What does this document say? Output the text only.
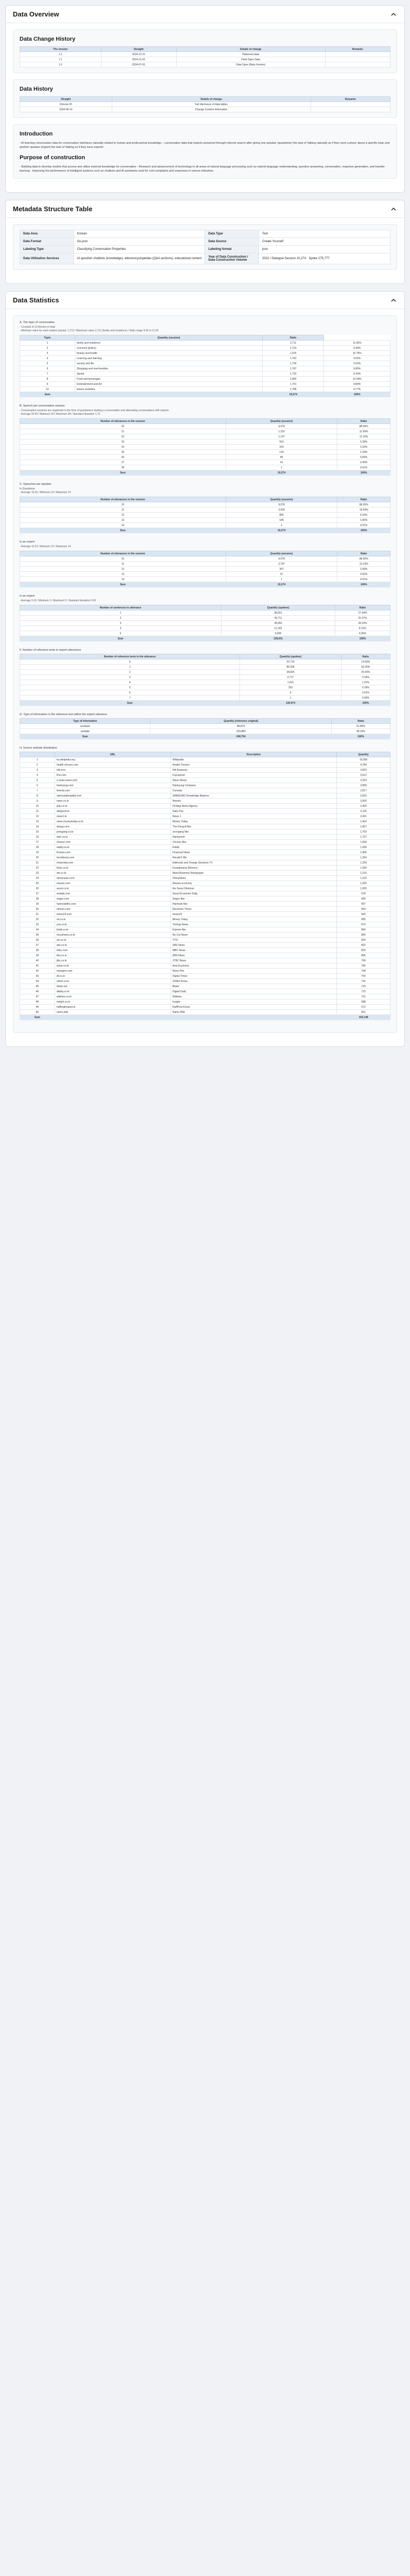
Data Overview
Data Change History
The version	Straight	Details of change	Remarks
1.2	2024-12-21	Patterned data	
1.1	2024-11-02	Final Open Data	
1.0	2024-07-01	Data Open (Beta Version)	
Data History
Straight	Details of change	Remarks
Division ID	Full disclosure of data tables	
2024-06-14	Change Content Information	
Introduction

- AI learning conversation data for conversation interfaces naturally related to human and professional knowledge – conversation data that experts answered through Internet search after giving one speaker (questioner) the task of 'talking naturally as if they were curious' about a specific topic and another speaker (expert) the task of 'talking as if they were experts'.

Purpose of construction

- Building data to develop models that access and utilize external knowledge for conversation - Research and advancement of technology in all areas of natural language processing such as natural language understanding, question answering, conversation, response generation, and transfer learning - Improving the performance of intelligent systems such as chatbots and AI assistants used for civil complaints and responses in various industries

Metadata Structure Table
Data Area	Korean	Data Type	Text
Data Format	Go.json	Data Source	Create Yourself
Labeling Type	Classifying Conversation Properties	Labeling format	json
Data Utilization Services	AI question chatbots (knowledge), wikis/encyclopedias (Q&A sections), educational content	Year of Data Construction / Data Construction Volume	2022 / Dialogue Session 10,274 · Spoke 275,777
Data Statistics
A. The topic of conversation
- Consists of 10 themes in total
- Minimum value for each subject (quota): 1,713 / Maximum value 2,711 (family and residence) / Ratio range 9.43 to 11.55
Topic	Quantity (session)	Ratio	
1	family and residence	2,711	11.55%
2	economy (policy)	1,723	9.44%
3	beauty and health	1,915	10.75%
4	Learning and learning	1,742	9.56%
5	society and life	1,734	9.52%
6	Shopping and merchandise	1,787	9.85%
7	Sports	1,720	9.43%
8	Food and beverages	1,804	10.04%
9	Entertainment and Art	1,791	9.89%
10	leisure activities	1,788	9.77%
Sum		10,274	100%
B. Speech per conversation session
- Conversation sessions are organized in the form of questioners starting a conversation and alternating conversations with experts
- Average 20.43 / Minimum 20 / Maximum 28 / Standard deviation 1.72
Number of utterances in the session	Quantity (session)	Ratio
20	9,078	88.36%
21	1,232	11.99%
22	1,147	11.16%
23	553	5.38%
24	343	3.33%
25	143	1.39%
26	85	0.83%
27	41	0.40%
28	1	0.01%
Sum	10,274	100%
C. Speeches per speaker
In Questioner
- Average 10.29 / Minimum 10 / Maximum 14
Number of utterances in the session	Quantity (session)	Ratio
10	9,078	88.36%
11	2,008	19.54%
12	856	8.33%
13	185	1.80%
14	1	0.01%
Sum	10,274	100%
In an expert
- Average 10.23 / Minimum 10 / Maximum 14
Number of utterances in the session	Quantity (session)	Ratio
10	9,078	88.36%
11	2,787	13.13%
12	307	2.99%
13	57	0.55%
14	1	0.01%
Sum	10,274	100%
In an expert
- Average 3.13 / Minimum 1 / Maximum 5 / Standard deviation 0.93
Number of sentences in utterance	Quantity (spoken)	Ratio
1	38,551	27.94%
2	43,711	31.67%
3	38,950	28.23%
4	11,183	8.10%
5	5,606	4.06%
Sum	138,001	100%
F. Number of reference texts in expert utterances
Number of reference texts in the utterance	Quantity (spoken)	Ratio
0	20,730	14.69%
1	85,008	60.25%
2	28,825	20.43%
3	4,717	3.34%
4	1,431	1.01%
5	253	0.18%
6	9	0.01%
7	1	0.00%
Sum	140,974	100%
G. Type of information in the reference text within the expert utterance
Type of information	Quantity (reference original)	Ratio
constant	88,874	61.85%
variable	159,880	38.15%
Sum	248,754	100%
H. Source website distribution
	URL	Description	Quantity
1	ko.wikipedia.org	Wikipedia	16,095
2	health.chosun.com	Health Chosun	4,780
3	hiti.or.kr	Hiti Business	3,829
4	ff.kr.com	Fuji-epeed	3,512
5	n.news.naver.com	Naver News	3,264
6	hankyung.com	Hankyung Company	2,858
7	kmmal.com	Comedy	2,817
8	samsunghospital.com	SAMSUNG Knowledge Balance	2,816
9	news.co.kr	Newsis	2,600
10	jinju.co.kr	Finding Nemo Agency	2,469
11	dailypost.kr	Daily Pos	2,118
12	news1.kr	News 1	2,061
13	news.moneytoday.co.kr	Money Today	1,903
14	donga.com	The Dong-A Ilbo	1,827
15	joongang.co.kr	Joongang Ilbo	1,759
16	hani.co.kr	Hankyoreh	1,707
17	chosun.com	Chosun Ilbo	1,658
18	edaily.co.kr	Edaily	1,590
19	fnnews.com	Financial News	1,465
20	heraldcorp.com	Herald K Biz	1,394
21	ichannela.com	Editorials and Orange Structure TV	1,339
22	khan.co.kr	Kyunghyang Shinmun	1,290
23	mk.co.kr	Maeil Business Newspaper	1,216
24	ohmynews.com	OhmyNews	1,102
25	newsis.com	Newsis economy	1,025
26	seoul.co.kr	the Seoul Shinmun	1,000
27	sedaily.com	Seoul Economic Daily	978
28	segye.com	Segye Ilbo	966
29	hankookilbo.com	Hankook Ilbo	957
30	etnews.com	Electronic Times	953
31	inews24.com	inews24	900
32	mt.co.kr	Money Today	895
33	yna.co.kr	Yonhap News	874
34	kmib.co.kr	Kukmin Ilbo	866
35	nocutnews.co.kr	No Cut News	855
36	ytn.co.kr	YTN	843
37	sbs.co.kr	SBS News	832
38	imbc.com	MBC News	820
39	kbs.co.kr	KBS News	806
40	jtbc.co.kr	JTBC News	799
41	asiae.co.kr	Asia Economy	780
42	newspim.com	News Pim	768
43	dt.co.kr	Digital Times	754
44	zdnet.co.kr	ZDNet Korea	741
45	bloter.net	Bloter	729
46	ddaily.co.kr	Digital Daily	715
47	wikitree.co.kr	Wikitree	701
48	insight.co.kr	Insight	688
49	huffingtonpost.kr	HuffPost Korea	672
50	namu.wiki	Namu Wiki	651
Sum			103,148
